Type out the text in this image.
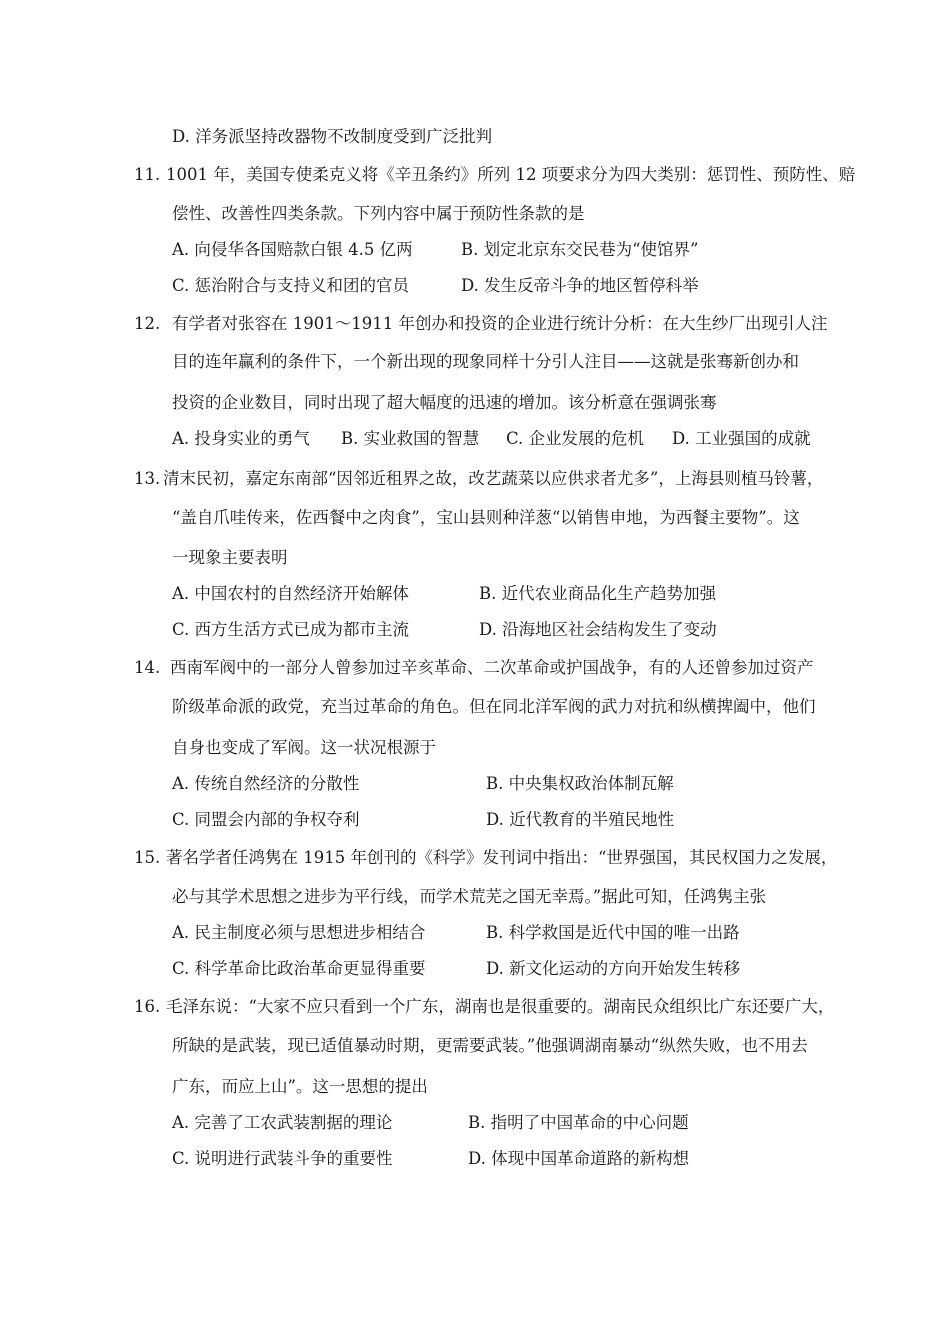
D. 洋务派坚持改器物不改制度受到广泛批判
11. 1001 年，美国专使柔克义将《辛丑条约》所列 12 项要求分为四大类别：惩罚性、预防性、赔
偿性、改善性四类条款。下列内容中属于预防性条款的是
A. 向侵华各国赔款白银 4.5 亿两	B. 划定北京东交民巷为“使馆界”
C. 惩治附合与支持义和团的官员	D. 发生反帝斗争的地区暂停科举
12. 有学者对张容在 1901～1911 年创办和投资的企业进行统计分析：在大生纱厂出现引人注
目的连年赢利的条件下，一个新出现的现象同样十分引人注目——这就是张骞新创办和
投资的企业数目，同时出现了超大幅度的迅速的增加。该分析意在强调张骞
A. 投身实业的勇气 B. 实业救国的智慧 C. 企业发展的危机 D. 工业强国的成就
13. 清末民初，嘉定东南部“因邻近租界之故，改艺蔬菜以应供求者尤多”，上海县则植马铃薯，
“盖自爪哇传来，佐西餐中之肉食”，宝山县则种洋葱“以销售申地，为西餐主要物”。这
一现象主要表明
A. 中国农村的自然经济开始解体	B. 近代农业商品化生产趋势加强
C. 西方生活方式已成为都市主流	D. 沿海地区社会结构发生了变动
14. 西南军阀中的一部分人曾参加过辛亥革命、二次革命或护国战争，有的人还曾参加过资产
阶级革命派的政党，充当过革命的角色。但在同北洋军阀的武力对抗和纵横捭阖中，他们
自身也变成了军阀。这一状况根源于
A. 传统自然经济的分散性	B. 中央集权政治体制瓦解
C. 同盟会内部的争权夺利	D. 近代教育的半殖民地性
15. 著名学者任鸿隽在 1915 年创刊的《科学》发刊词中指出：“世界强国，其民权国力之发展，
必与其学术思想之进步为平行线，而学术荒芜之国无幸焉。”据此可知，任鸿隽主张
A. 民主制度必须与思想进步相结合	B. 科学救国是近代中国的唯一出路
C. 科学革命比政治革命更显得重要	D. 新文化运动的方向开始发生转移
16. 毛泽东说：“大家不应只看到一个广东，湖南也是很重要的。湖南民众组织比广东还要广大，
所缺的是武装，现已适值暴动时期，更需要武装。”他强调湖南暴动“纵然失败，也不用去
广东，而应上山”。这一思想的提出
A. 完善了工农武装割据的理论	B. 指明了中国革命的中心问题
C. 说明进行武装斗争的重要性	D. 体现中国革命道路的新构想
